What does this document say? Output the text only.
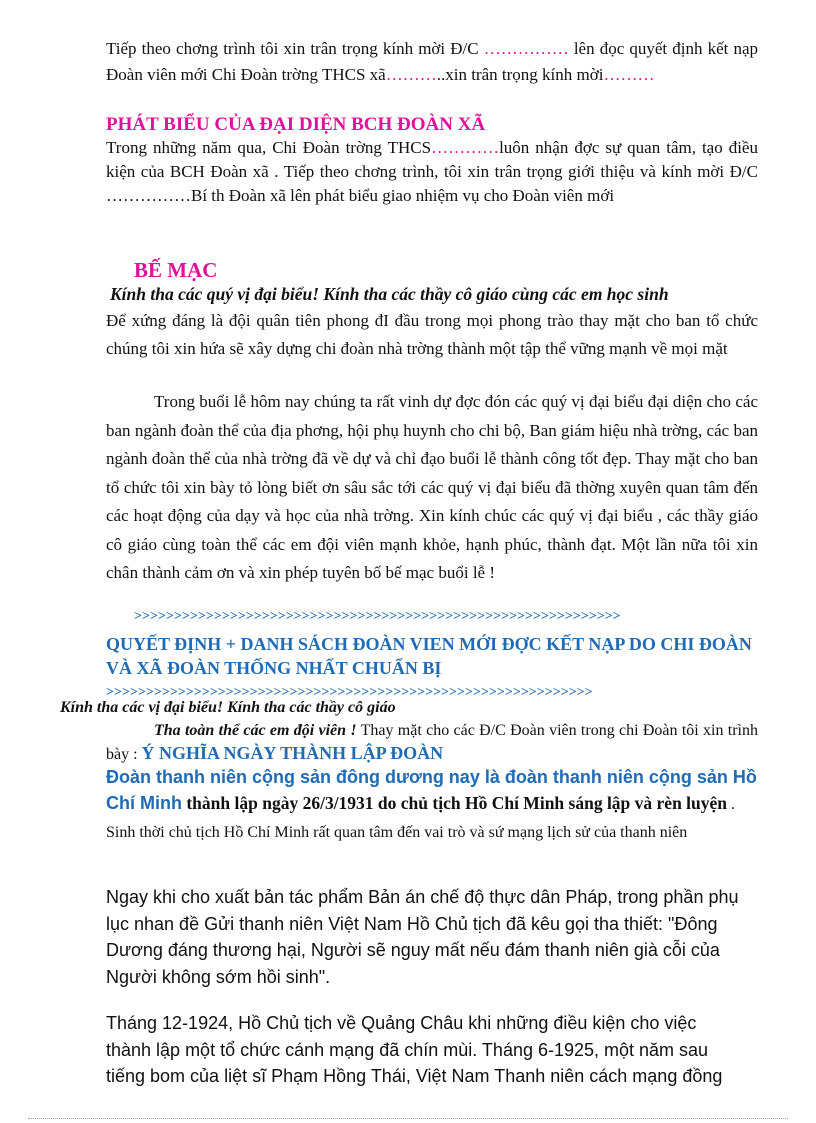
Tiếp theo chơng trình tôi xin trân trọng kính mời Đ/C …………… lên đọc quyết định kết nạp Đoàn viên mới Chi Đoàn trờng THCS xã………..xin trân trọng kính mời………
PHÁT BIỂU CỦA ĐẠI DIỆN BCH ĐOÀN XÃ
Trong những năm qua, Chi Đoàn trờng THCS…………luôn nhận đợc sự quan tâm, tạo điều kiện của BCH Đoàn xã . Tiếp theo chơng trình, tôi xin trân trọng giới thiệu và kính mời Đ/C ……………Bí th Đoàn xã lên phát biểu giao nhiệm vụ cho Đoàn viên mới
BẾ MẠC
Kính tha các quý vị đại biểu! Kính tha các thầy cô giáo cùng các em học sinh
Để xứng đáng là đội quân tiên phong đI đầu trong mọi phong trào thay mặt cho ban tổ chức chúng tôi xin hứa sẽ xây dựng chi đoàn nhà trờng thành một tập thể vững mạnh về mọi mặt
Trong buổi lễ hôm nay chúng ta rất vinh dự đợc đón các quý vị đại biểu đại diện cho các ban ngành đoàn thể của địa phơng, hội phụ huynh cho chi bộ, Ban giám hiệu nhà trờng, các ban ngành đoàn thể của nhà trờng đã về dự và chỉ đạo buổi lễ thành công tốt đẹp. Thay mặt cho ban tổ chức tôi xin bày tỏ lòng biết ơn sâu sắc tới các quý vị đại biểu đã thờng xuyên quan tâm đến các hoạt động của dạy và học của nhà trờng. Xin kính chúc các quý vị đại biểu , các thầy giáo cô giáo cùng toàn thể các em đội viên mạnh khỏe, hạnh phúc, thành đạt. Một lần nữa tôi xin chân thành cảm ơn và xin phép tuyên bố bế mạc buổi lễ !
>>>>>>>>>>>>>>>>>>>>>>>>>>>>>>>>>>>>>>>>>>>>>>>>>>>>>>>>>>>>>
QUYẾT ĐỊNH + DANH SÁCH ĐOÀN VIEN MỚI ĐỢC KẾT NẠP DO CHI ĐOÀN VÀ XÃ ĐOÀN THỐNG NHẤT CHUẨN BỊ
>>>>>>>>>>>>>>>>>>>>>>>>>>>>>>>>>>>>>>>>>>>>>>>>>>>>>>>>>>>>>
Kính tha các vị đại biểu! Kính tha các thầy cô giáo
Tha toàn thể các em đội viên ! Thay mặt cho các Đ/C Đoàn viên trong chi Đoàn tôi xin trình bày : Ý NGHĨA NGÀY THÀNH LẬP ĐOÀN
Đoàn thanh niên cộng sản đông dương nay là đoàn thanh niên cộng sản Hồ Chí Minh thành lập ngày 26/3/1931 do chủ tịch Hồ Chí Minh sáng lập và rèn luyện . Sinh thời chủ tịch Hồ Chí Minh rất quan tâm đến vai trò và sứ mạng lịch sử của thanh niên
Ngay khi cho xuất bản tác phẩm Bản án chế độ thực dân Pháp, trong phần phụ lục nhan đề Gửi thanh niên Việt Nam Hồ Chủ tịch đã kêu gọi tha thiết: "Đông Dương đáng thương hại, Người sẽ nguy mất nếu đám thanh niên già cỗi của Người không sớm hồi sinh".
Tháng 12-1924, Hồ Chủ tịch về Quảng Châu khi những điều kiện cho việc thành lập một tổ chức cánh mạng đã chín mùi. Tháng 6-1925, một năm sau tiếng bom của liệt sĩ Phạm Hồng Thái, Việt Nam Thanh niên cách mạng đồng
